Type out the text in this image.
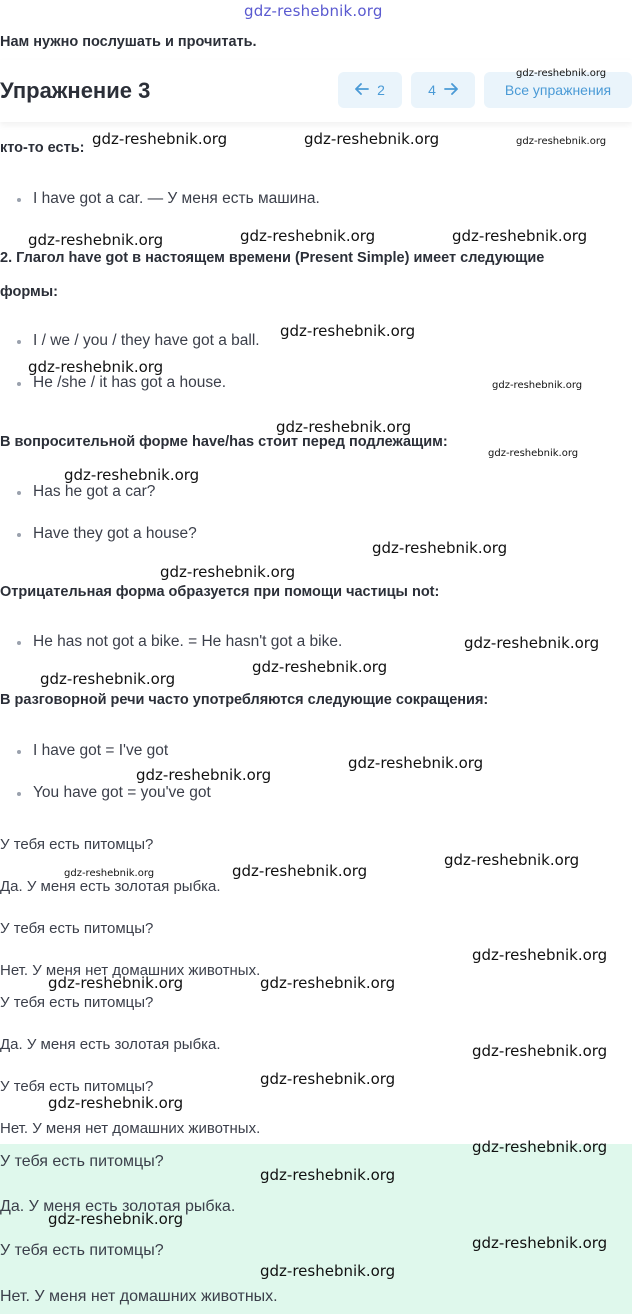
gdz-reshebnik.org
Нам нужно послушать и прочитать.
Упражнение 3	2	4	Все упражнения
кто-то есть:
I have got a car. — У меня есть машина.
2. Глагол have got в настоящем времени (Present Simple) имеет следующие
формы:
I / we / you / they have got a ball.
He /she / it has got a house.
В вопросительной форме have/has стоит перед подлежащим:
Has he got a car?
Have they got a house?
Отрицательная форма образуется при помощи частицы not:
He has not got a bike. = He hasn't got a bike.
В разговорной речи часто употребляются следующие сокращения:
I have got = I've got
You have got = you've got
У тебя есть питомцы?
Да. У меня есть золотая рыбка.
У тебя есть питомцы?
Нет. У меня нет домашних животных.
У тебя есть питомцы?
Да. У меня есть золотая рыбка.
У тебя есть питомцы?
Нет. У меня нет домашних животных.
У тебя есть питомцы?
Да. У меня есть золотая рыбка.
У тебя есть питомцы?
Нет. У меня нет домашних животных.
gdz-reshebnik.org
gdz-reshebnik.org	gdz-reshebnik.org	gdz-reshebnik.org
gdz-reshebnik.org	gdz-reshebnik.org	gdz-reshebnik.org
gdz-reshebnik.org
gdz-reshebnik.org
gdz-reshebnik.org
gdz-reshebnik.org
gdz-reshebnik.org
gdz-reshebnik.org
gdz-reshebnik.org
gdz-reshebnik.org
gdz-reshebnik.org
gdz-reshebnik.org
gdz-reshebnik.org
gdz-reshebnik.org
gdz-reshebnik.org
gdz-reshebnik.org
gdz-reshebnik.org	gdz-reshebnik.org
gdz-reshebnik.org
gdz-reshebnik.org	gdz-reshebnik.org
gdz-reshebnik.org
gdz-reshebnik.org
gdz-reshebnik.org
gdz-reshebnik.org
gdz-reshebnik.org
gdz-reshebnik.org
gdz-reshebnik.org
gdz-reshebnik.org
